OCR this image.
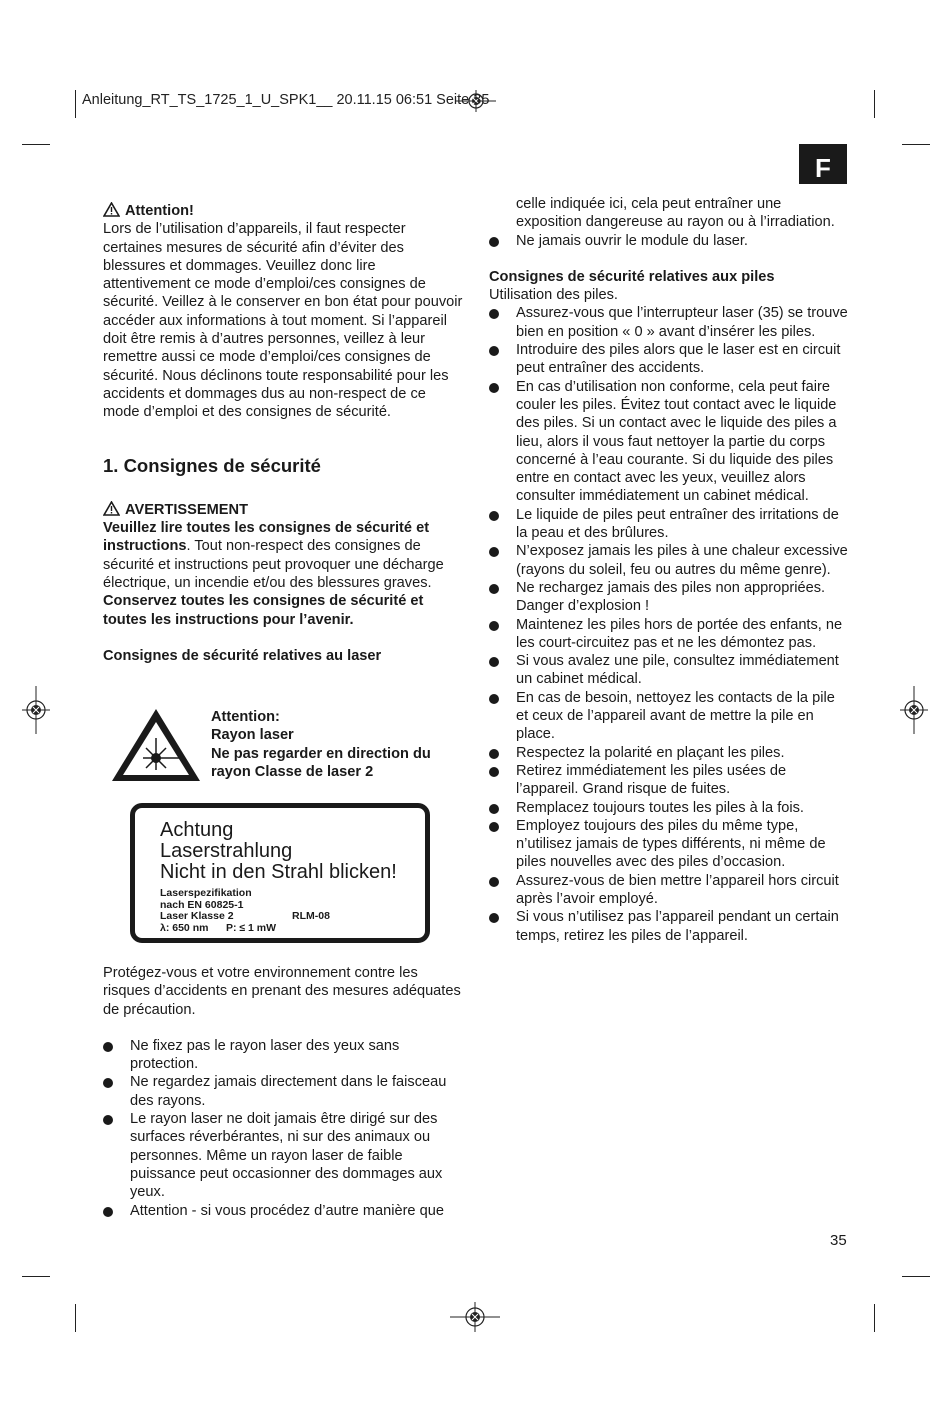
Anleitung_RT_TS_1725_1_U_SPK1__ 20.11.15 06:51 Seite 35
F

Attention!

Lors de l’utilisation d’appareils, il faut respecter certaines mesures de sécurité afin d’éviter des blessures et dommages. Veuillez donc lire attentivement ce mode d’emploi/ces consignes de sécurité. Veillez à le conserver en bon état pour pouvoir accéder aux informations à tout moment. Si l’appareil doit être remis à d’autres personnes, veillez à leur remettre aussi ce mode d’emploi/ces consignes de sécurité. Nous déclinons toute responsabilité pour les accidents et dommages dus au non-respect de ce mode d’emploi et des consignes de sécurité.

1. Consignes de sécurité

AVERTISSEMENT

Veuillez lire toutes les consignes de sécurité et instructions. Tout non-respect des consignes de sécurité et instructions peut provoquer une décharge électrique, un incendie et/ou des blessures graves.

Conservez toutes les consignes de sécurité et toutes les instructions pour l’avenir.

Consignes de sécurité relatives au laser

Attention:

Rayon laser

Ne pas regarder en direction du

rayon Classe de laser 2

Achtung
Laserstrahlung
Nicht in den Strahl blicken!
Laserspezifikation
nach EN 60825-1
Laser Klasse 2	RLM-08
λ: 650 nm      P: ≤ 1 mW

Protégez-vous et votre environnement contre les risques d’accidents en prenant des mesures adéquates de précaution.

Ne fixez pas le rayon laser des yeux sans protection.
Ne regardez jamais directement dans le faisceau des rayons.
Le rayon laser ne doit jamais être dirigé sur des surfaces réverbérantes, ni sur des animaux ou personnes. Même un rayon laser de faible puissance peut occasionner des dommages aux yeux.
Attention - si vous procédez d’autre manière que

celle indiquée ici, cela peut entraîner une exposition dangereuse au rayon ou à l’irradiation.

Ne jamais ouvrir le module du laser.

Consignes de sécurité relatives aux piles

Utilisation des piles.

Assurez-vous que l’interrupteur laser (35) se trouve bien en position « 0 » avant d’insérer les piles.
Introduire des piles alors que le laser est en circuit peut entraîner des accidents.
En cas d’utilisation non conforme, cela peut faire couler les piles. Évitez tout contact avec le liquide des piles. Si un contact avec le liquide des piles a lieu, alors il vous faut nettoyer la partie du corps concerné à l’eau courante. Si du liquide des piles entre en contact avec les yeux, veuillez alors consulter immédiatement un cabinet médical.
Le liquide de piles peut entraîner des irritations de la peau et des brûlures.
N’exposez jamais les piles à une chaleur excessive (rayons du soleil, feu ou autres du même genre).
Ne rechargez jamais des piles non appropriées. Danger d’explosion !
Maintenez les piles hors de portée des enfants, ne les court-circuitez pas et ne les démontez pas.
Si vous avalez une pile, consultez immédiatement un cabinet médical.
En cas de besoin, nettoyez les contacts de la pile et ceux de l’appareil avant de mettre la pile en place.
Respectez la polarité en plaçant les piles.
Retirez immédiatement les piles usées de l’appareil. Grand risque de fuites.
Remplacez toujours toutes les piles à la fois.
Employez toujours des piles du même type, n’utilisez jamais de types différents, ni même de piles nouvelles avec des piles d’occasion.
Assurez-vous de bien mettre l’appareil hors circuit après l’avoir employé.
Si vous n’utilisez pas l’appareil pendant un certain temps, retirez les piles de l’appareil.
35
